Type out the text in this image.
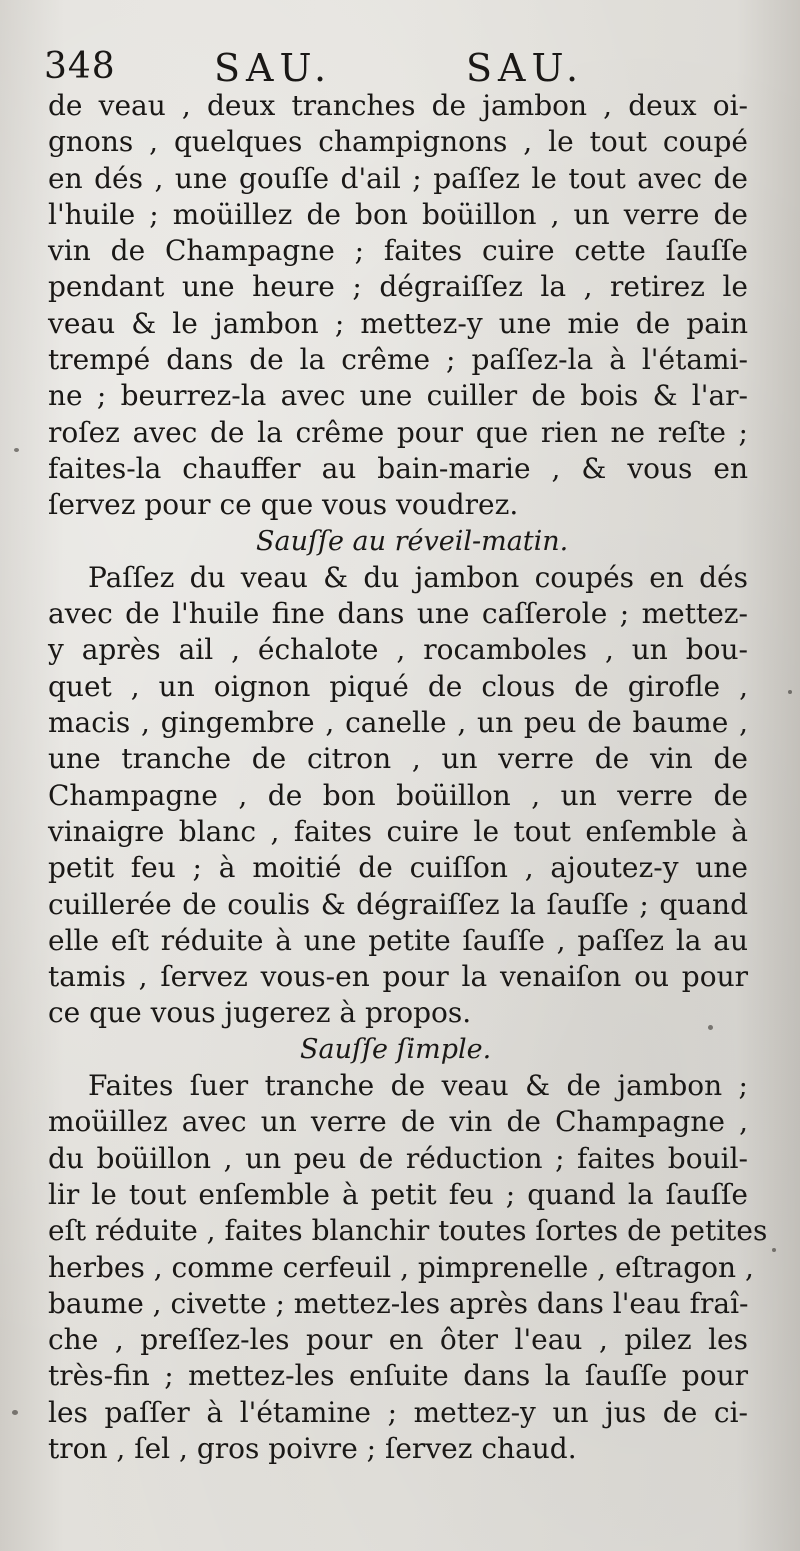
348	SAU.	SAU.
de veau , deux tranches de jambon , deux oi-
gnons , quelques champignons , le tout coupé
en dés , une gouſſe d'ail ; paſſez le tout avec de
l'huile ; moüillez de bon boüillon , un verre de
vin de Champagne ; faites cuire cette ſauſſe
pendant une heure ; dégraiſſez la , retirez le
veau & le jambon ; mettez-y une mie de pain
trempé dans de la crême ; paſſez-la à l'étami-
ne ; beurrez-la avec une cuiller de bois & l'ar-
roſez avec de la crême pour que rien ne reſte ;
faites-la chauffer au bain-marie , & vous en
ſervez pour ce que vous voudrez.
Sauſſe au réveil-matin.
Paſſez du veau & du jambon coupés en dés
avec de l'huile fine dans une caſſerole ; mettez-
y après ail , échalote , rocamboles , un bou-
quet , un oignon piqué de clous de girofle ,
macis , gingembre , canelle , un peu de baume ,
une tranche de citron , un verre de vin de
Champagne , de bon boüillon , un verre de
vinaigre blanc , faites cuire le tout enſemble à
petit feu ; à moitié de cuiſſon , ajoutez-y une
cuillerée de coulis & dégraiſſez la ſauſſe ; quand
elle eſt réduite à une petite ſauſſe , paſſez la au
tamis , ſervez vous-en pour la venaiſon ou pour
ce que vous jugerez à propos.
Sauſſe ſimple.
Faites ſuer tranche de veau & de jambon ;
moüillez avec un verre de vin de Champagne ,
du boüillon , un peu de réduction ; faites bouil-
lir le tout enſemble à petit feu ; quand la ſauſſe
eſt réduite , faites blanchir toutes ſortes de petites
herbes , comme cerfeuil , pimprenelle , eſtragon ,
baume , civette ; mettez-les après dans l'eau fraî-
che , preſſez-les pour en ôter l'eau , pilez les
très-fin ; mettez-les enſuite dans la ſauſſe pour
les paſſer à l'étamine ; mettez-y un jus de ci-
tron , ſel , gros poivre ; ſervez chaud.
